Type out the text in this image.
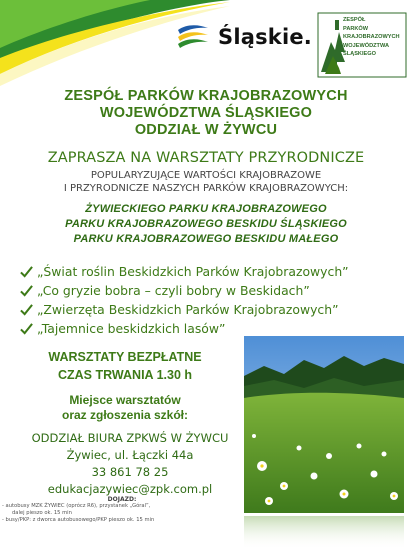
Śląskie.
ZESPÓŁ
PARKÓW
KRAJOBRAZOWYCH
WOJEWÓDZTWA
ŚLĄSKIEGO
ZESPÓŁ PARKÓW KRAJOBRAZOWYCH
WOJEWÓDZTWA ŚLĄSKIEGO
ODDZIAŁ W ŻYWCU
ZAPRASZA NA WARSZTATY PRZYRODNICZE
POPULARYZUJĄCE WARTOŚCI KRAJOBRAZOWE
I PRZYRODNICZE NASZYCH PARKÓW KRAJOBRAZOWYCH:
ŻYWIECKIEGO PARKU KRAJOBRAZOWEGO
PARKU KRAJOBRAZOWEGO BESKIDU ŚLĄSKIEGO
PARKU KRAJOBRAZOWEGO BESKIDU MAŁEGO
„Świat roślin Beskidzkich Parków Krajobrazowych”
„Co gryzie bobra – czyli bobry w Beskidach”
„Zwierzęta Beskidzkich Parków Krajobrazowych”
„Tajemnice beskidzkich lasów”
WARSZTATY BEZPŁATNE
CZAS TRWANIA 1.30 h
Miejsce warsztatów
oraz zgłoszenia szkół:
ODDZIAŁ BIURA ZPKWŚ W ŻYWCU
Żywiec, ul. Łączki 44a
33 861 78 25
edukacjazywiec@zpk.com.pl
DOJAZD:
- autobusy MZK ŻYWIEC (oprócz R6), przystanek „Góral”,
dalej pieszo ok. 15 min
- busy/PKP: z dworca autobusowego/PKP pieszo ok. 15 min
